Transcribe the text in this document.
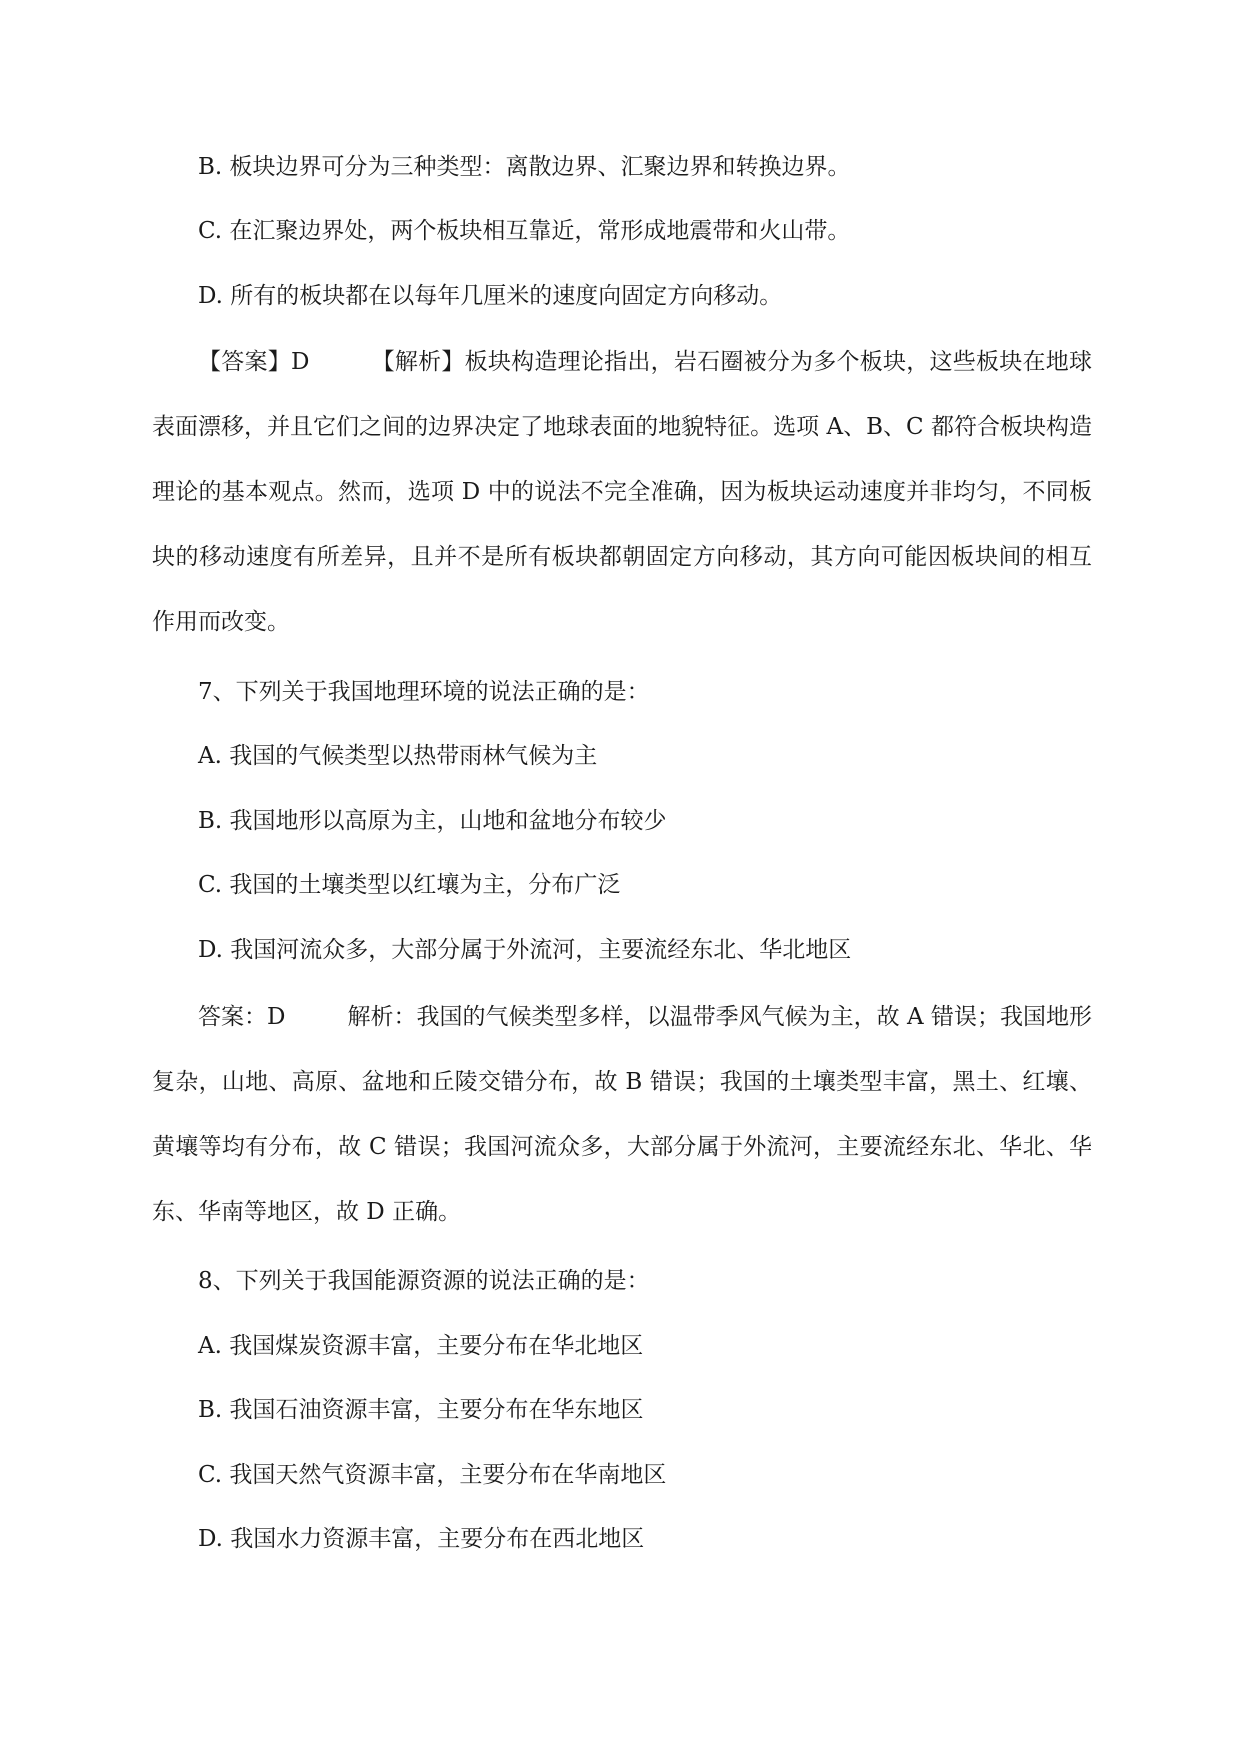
B. 板块边界可分为三种类型：离散边界、汇聚边界和转换边界。
C. 在汇聚边界处，两个板块相互靠近，常形成地震带和火山带。
D. 所有的板块都在以每年几厘米的速度向固定方向移动。
【答案】D	【解析】板块构造理论指出，岩石圈被分为多个板块，这些板块在地球表面漂移，并且它们之间的边界决定了地球表面的地貌特征。选项 A、B、C 都符合板块构造理论的基本观点。然而，选项 D 中的说法不完全准确，因为板块运动速度并非均匀，不同板块的移动速度有所差异，且并不是所有板块都朝固定方向移动，其方向可能因板块间的相互作用而改变。
7、下列关于我国地理环境的说法正确的是：
A. 我国的气候类型以热带雨林气候为主
B. 我国地形以高原为主，山地和盆地分布较少
C. 我国的土壤类型以红壤为主，分布广泛
D. 我国河流众多，大部分属于外流河，主要流经东北、华北地区
答案：D	解析：我国的气候类型多样，以温带季风气候为主，故 A 错误；我国地形复杂，山地、高原、盆地和丘陵交错分布，故 B 错误；我国的土壤类型丰富，黑土、红壤、黄壤等均有分布，故 C 错误；我国河流众多，大部分属于外流河，主要流经东北、华北、华东、华南等地区，故 D 正确。
8、下列关于我国能源资源的说法正确的是：
A. 我国煤炭资源丰富，主要分布在华北地区
B. 我国石油资源丰富，主要分布在华东地区
C. 我国天然气资源丰富，主要分布在华南地区
D. 我国水力资源丰富，主要分布在西北地区
